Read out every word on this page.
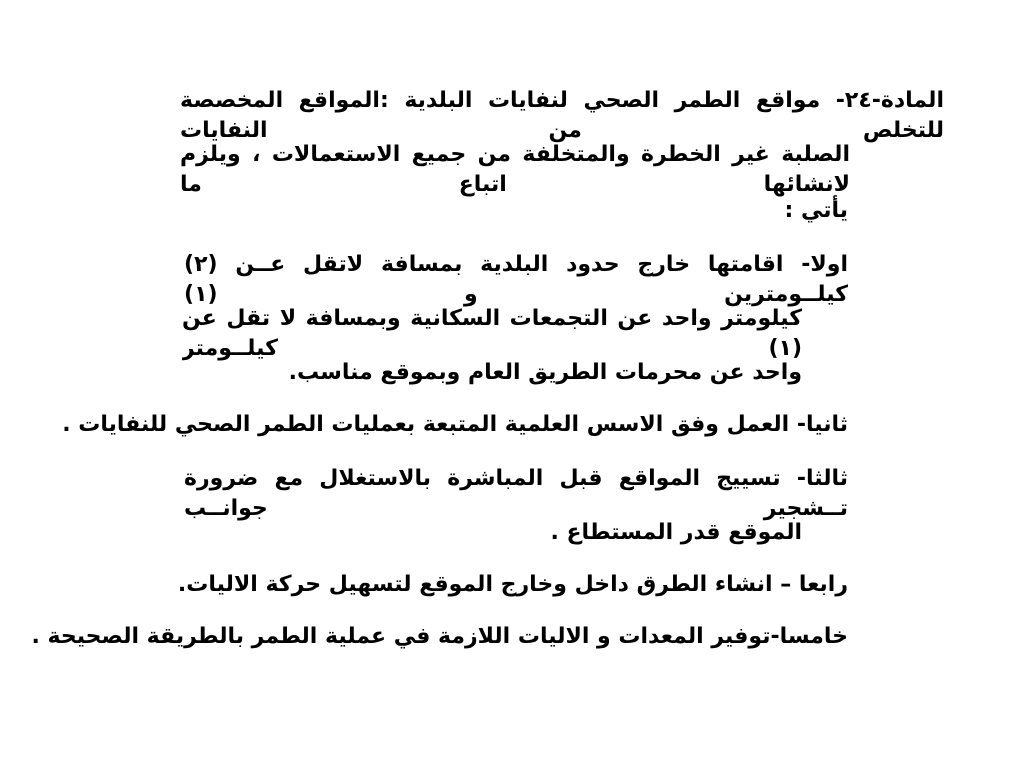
المادة-٢٤- مواقع الطمر الصحي لنفايات البلدية :المواقع المخصصة للتخلص من النفايات
الصلبة غير الخطرة والمتخلفة من جميع الاستعمالات ، ويلزم لانشائها اتباع ما
يأتي :
اولا- اقامتها خارج حدود البلدية بمسافة لاتقل عــن (٢) كيلــومترين و (١)
كيلومتر واحد عن التجمعات السكانية وبمسافة لا تقل عن (١) كيلــومتر
واحد عن محرمات الطريق العام وبموقع مناسب.
ثانيا- العمل وفق الاسس العلمية المتبعة بعمليات الطمر الصحي للنفايات .
ثالثا- تسييج المواقع قبل المباشرة بالاستغلال مع ضرورة تــشجير جوانــب
الموقع قدر المستطاع .
رابعا – انشاء الطرق داخل وخارج الموقع لتسهيل حركة الاليات.
خامسا-توفير المعدات و الاليات اللازمة في عملية الطمر بالطريقة الصحيحة .
